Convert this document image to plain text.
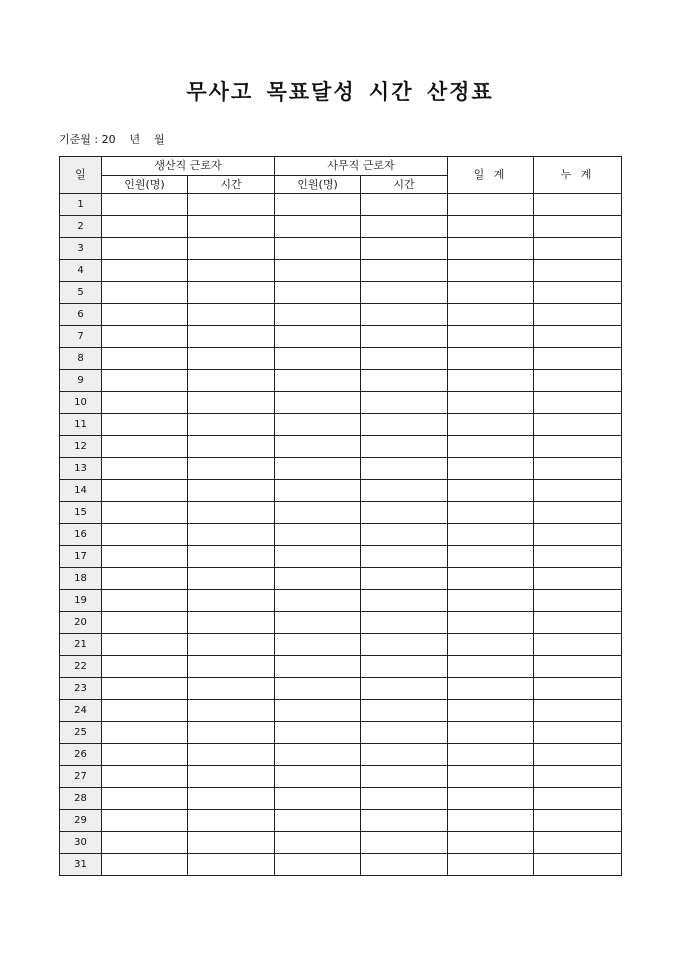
무사고 목표달성 시간 산정표
기준월 : 20    년    월
일	생산직 근로자		사무직 근로자		일 계	누 계
	인원(명)	시간	인원(명)	시간		
1						
2						
3						
4						
5						
6						
7						
8						
9						
10						
11						
12						
13						
14						
15						
16						
17						
18						
19						
20						
21						
22						
23						
24						
25						
26						
27						
28						
29						
30						
31						
